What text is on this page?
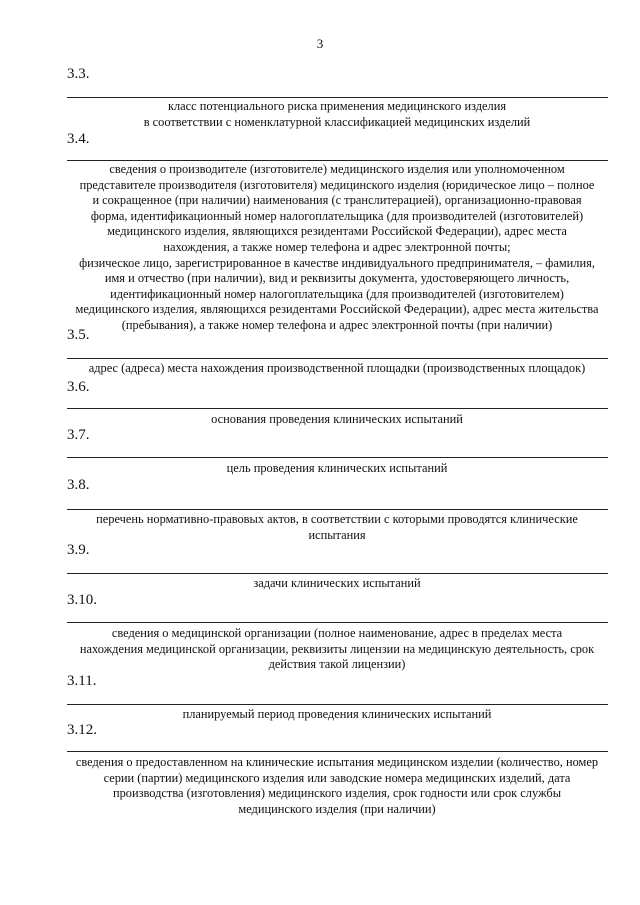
3
3.3.
класс потенциального риска применения медицинского изделия
в соответствии с номенклатурной классификацией медицинских изделий
3.4.
сведения о производителе (изготовителе) медицинского изделия или уполномоченном
представителе производителя (изготовителя) медицинского изделия (юридическое лицо – полное
и сокращенное (при наличии) наименования (с транслитерацией), организационно-правовая
форма, идентификационный номер налогоплательщика (для производителей (изготовителей)
медицинского изделия, являющихся резидентами Российской Федерации), адрес места
нахождения, а также номер телефона и адрес электронной почты;
физическое лицо, зарегистрированное в качестве индивидуального предпринимателя, – фамилия,
имя и отчество (при наличии), вид и реквизиты документа, удостоверяющего личность,
идентификационный номер налогоплательщика (для производителей (изготовителем)
медицинского изделия, являющихся резидентами Российской Федерации), адрес места жительства
(пребывания), а также номер телефона и адрес электронной почты (при наличии)
3.5.
адрес (адреса) места нахождения производственной площадки (производственных площадок)
3.6.
основания проведения клинических испытаний
3.7.
цель проведения клинических испытаний
3.8.
перечень нормативно-правовых актов, в соответствии с которыми проводятся клинические
испытания
3.9.
задачи клинических испытаний
3.10.
сведения о медицинской организации (полное наименование, адрес в пределах места
нахождения медицинской организации, реквизиты лицензии на медицинскую деятельность, срок
действия такой лицензии)
3.11.
планируемый период проведения клинических испытаний
3.12.
сведения о предоставленном на клинические испытания медицинском изделии (количество, номер
серии (партии) медицинского изделия или заводские номера медицинских изделий, дата
производства (изготовления) медицинского изделия, срок годности или срок службы
медицинского изделия (при наличии)
